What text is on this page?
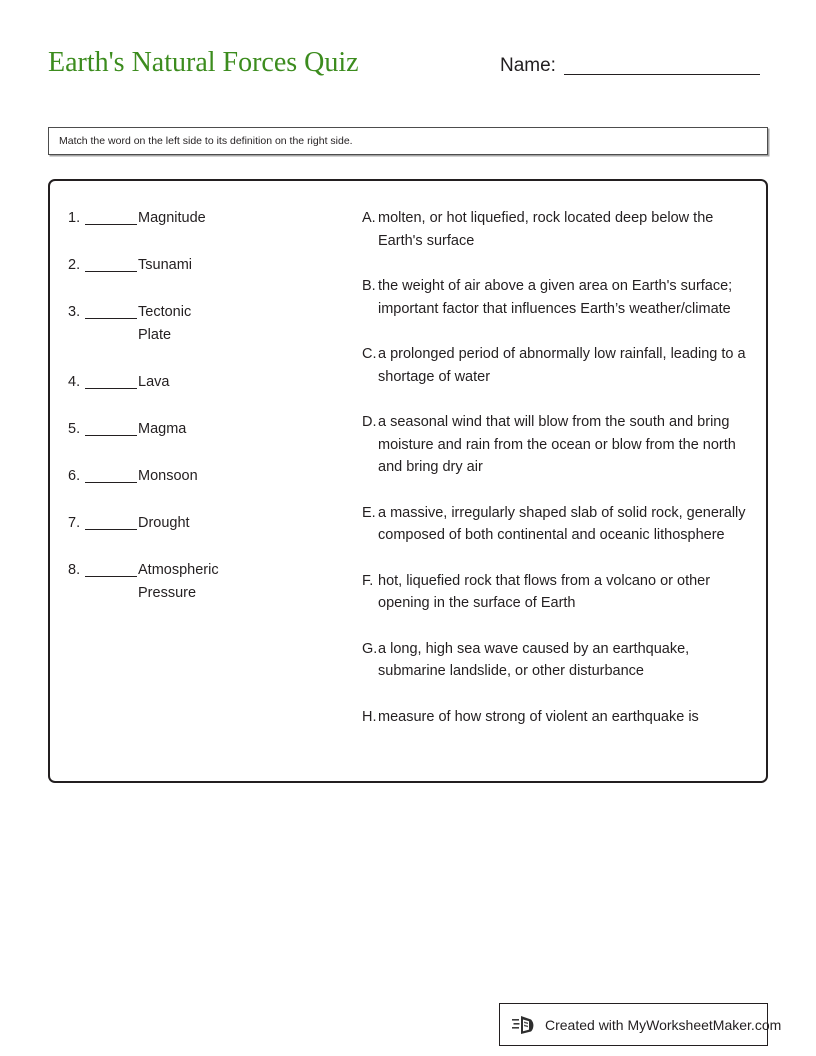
Earth's Natural Forces Quiz	Name:
Match the word on the left side to its definition on the right side.
1.	Magnitude
2.	Tsunami
3.	Tectonic Plate
4.	Lava
5.	Magma
6.	Monsoon
7.	Drought
8.	Atmospheric Pressure
A. molten, or hot liquefied, rock located deep below the Earth's surface
B. the weight of air above a given area on Earth's surface; important factor that influences Earth’s weather/climate
C. a prolonged period of abnormally low rainfall, leading to a shortage of water
D. a seasonal wind that will blow from the south and bring moisture and rain from the ocean or blow from the north and bring dry air
E. a massive, irregularly shaped slab of solid rock, generally composed of both continental and oceanic lithosphere
F. hot, liquefied rock that flows from a volcano or other opening in the surface of Earth
G. a long, high sea wave caused by an earthquake, submarine landslide, or other disturbance
H. measure of how strong of violent an earthquake is
Created with MyWorksheetMaker.com
